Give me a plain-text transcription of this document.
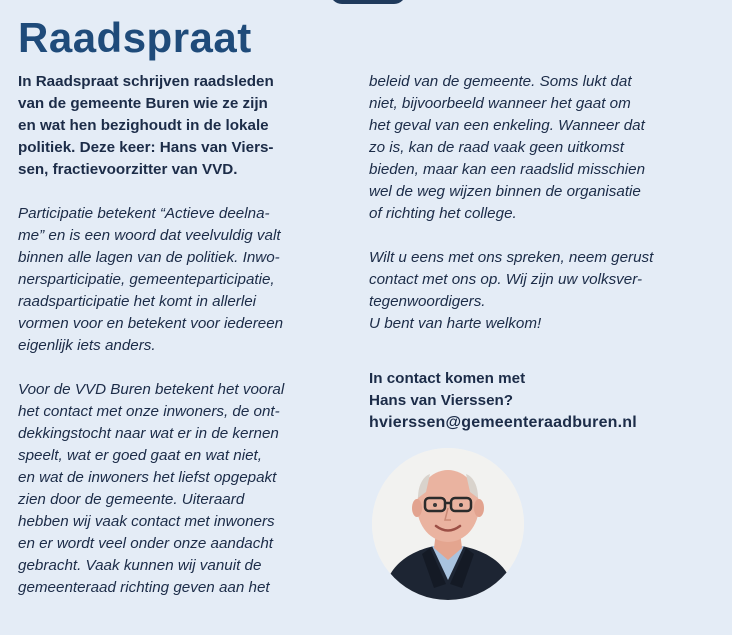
Raadspraat
In Raadspraat schrijven raadsleden
van de gemeente Buren wie ze zijn
en wat hen bezighoudt in de lokale
politiek. Deze keer: Hans van Viers-
sen, fractievoorzitter van VVD.
Participatie betekent “Actieve deelna-
me” en is een woord dat veelvuldig valt
binnen alle lagen van de politiek. Inwo-
nersparticipatie, gemeenteparticipatie,
raadsparticipatie het komt in allerlei
vormen voor en betekent voor iedereen
eigenlijk iets anders.
Voor de VVD Buren betekent het vooral
het contact met onze inwoners, de ont-
dekkingstocht naar wat er in de kernen
speelt, wat er goed gaat en wat niet,
en wat de inwoners het liefst opgepakt
zien door de gemeente. Uiteraard
hebben wij vaak contact met inwoners
en er wordt veel onder onze aandacht
gebracht. Vaak kunnen wij vanuit de
gemeenteraad richting geven aan het
beleid van de gemeente. Soms lukt dat
niet, bijvoorbeeld wanneer het gaat om
het geval van een enkeling. Wanneer dat
zo is, kan de raad vaak geen uitkomst
bieden, maar kan een raadslid misschien
wel de weg wijzen binnen de organisatie
of richting het college.
Wilt u eens met ons spreken, neem gerust
contact met ons op. Wij zijn uw volksver-
tegenwoordigers.
U bent van harte welkom!
In contact komen met
Hans van Vierssen?
hvierssen@gemeenteraadburen.nl
